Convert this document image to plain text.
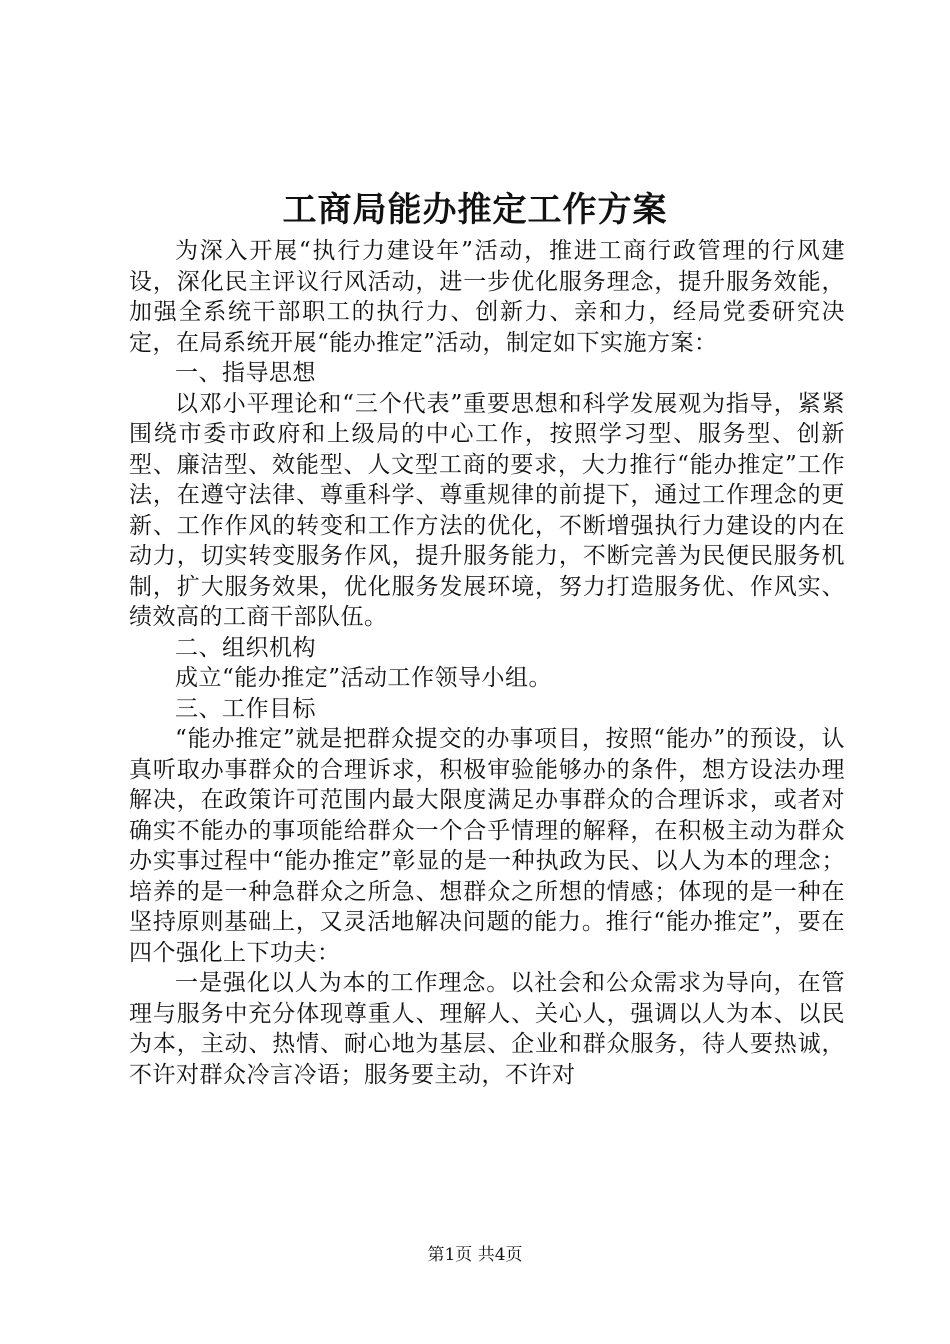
工商局能办推定工作方案

为深入开展“执行力建设年”活动，推进工商行政管理的行风建设，深化民主评议行风活动，进一步优化服务理念，提升服务效能，加强全系统干部职工的执行力、创新力、亲和力，经局党委研究决定，在局系统开展“能办推定”活动，制定如下实施方案：

一、指导思想

以邓小平理论和“三个代表”重要思想和科学发展观为指导，紧紧围绕市委市政府和上级局的中心工作，按照学习型、服务型、创新型、廉洁型、效能型、人文型工商的要求，大力推行“能办推定”工作法，在遵守法律、尊重科学、尊重规律的前提下，通过工作理念的更新、工作作风的转变和工作方法的优化，不断增强执行力建设的内在动力，切实转变服务作风，提升服务能力，不断完善为民便民服务机制，扩大服务效果，优化服务发展环境，努力打造服务优、作风实、绩效高的工商干部队伍。

二、组织机构

成立“能办推定”活动工作领导小组。

三、工作目标

“能办推定”就是把群众提交的办事项目，按照“能办”的预设，认真听取办事群众的合理诉求，积极审验能够办的条件，想方设法办理解决，在政策许可范围内最大限度满足办事群众的合理诉求，或者对确实不能办的事项能给群众一个合乎情理的解释，在积极主动为群众办实事过程中“能办推定”彰显的是一种执政为民、以人为本的理念；培养的是一种急群众之所急、想群众之所想的情感；体现的是一种在坚持原则基础上，又灵活地解决问题的能力。推行“能办推定”，要在四个强化上下功夫：

一是强化以人为本的工作理念。以社会和公众需求为导向，在管理与服务中充分体现尊重人、理解人、关心人，强调以人为本、以民为本，主动、热情、耐心地为基层、企业和群众服务，待人要热诚，不许对群众冷言冷语；服务要主动，不许对

第1页 共4页
